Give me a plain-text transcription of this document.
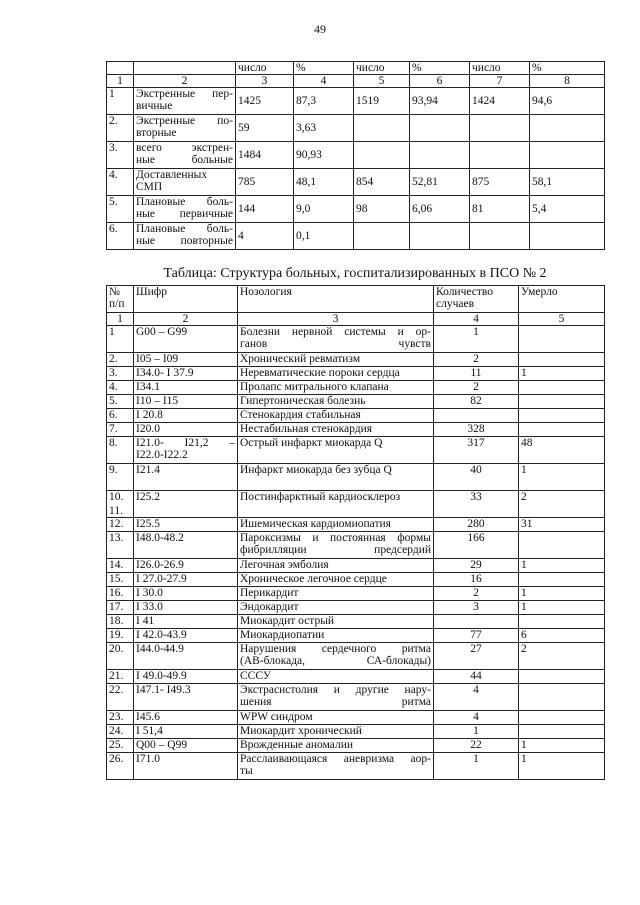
49

		число	%	число	%	число	%

1	2	3	4	5	6	7	8

1	Экстренные пер-
вичные	1425	87,3	1519	93,94	1424	94,6

2.	Экстренные по-
вторные	59	3,63				

3.	всего экстрен-
ные больные	1484	90,93				

4.	Доставленных
СМП	785	48,1	854	52,81	875	58,1

5.	Плановые боль-
ные первичные	144	9,0	98	6,06	81	5,4

6.	Плановые боль-
ные повторные	4	0,1				

Таблица: Структура больных, госпитализированных в ПСО № 2
№
п/п	Шифр	Нозология	Количество
случаев	Умерло

1	2	3	4	5

1	G00 – G99	Болезни нервной системы и ор-
ганов чувств	1	

2.	I05 – I09	Хронический ревматизм	2	

3.	I34.0- I 37.9	Неревматические пороки сердца	11	1

4.	I34.1	Пролапс митрального клапана	2	

5.	I10 – I15	Гипертоническая болезнь	82	

6.	I 20.8	Стенокардия стабильная		

7.	I20.0	Нестабильная стенокардия	328	

8.	I21.0- I21,2 –
I22.0-I22.2	Острый инфаркт миокарда Q	317	48

9.	I21.4	Инфаркт миокарда без зубца Q	40	1

10.
11.	I25.2	Постинфарктный кардиосклероз	33	2

12.	I25.5	Ишемическая кардиомиопатия	280	31

13.	I48.0-48.2	Пароксизмы и постоянная формы
фибрилляции предсердий	166	

14.	I26.0-26.9	Легочная эмболия	29	1

15.	I 27.0-27.9	Хроническое легочное сердце	16	

16.	I 30.0	Перикардит	2	1

17.	I 33.0	Эндокардит	3	1

18.	I 41	Миокардит острый		

19.	I 42.0-43.9	Миокардиопатии	77	6

20.	I44.0-44.9	Нарушения сердечного ритма
(АВ-блокада, СА-блокады)	27	2

21.	I 49.0-49.9	СССУ	44	

22.	I47.1- I49.3	Экстрасистолия и другие нару-
шения ритма	4	

23.	I45.6	WPW синдром	4	

24.	I 51,4	Миокардит хронический	1	

25.	Q00 – Q99	Врожденные аномалии	22	1

26.	I71.0	Расслаивающаяся аневризма аор-
ты	1	1
